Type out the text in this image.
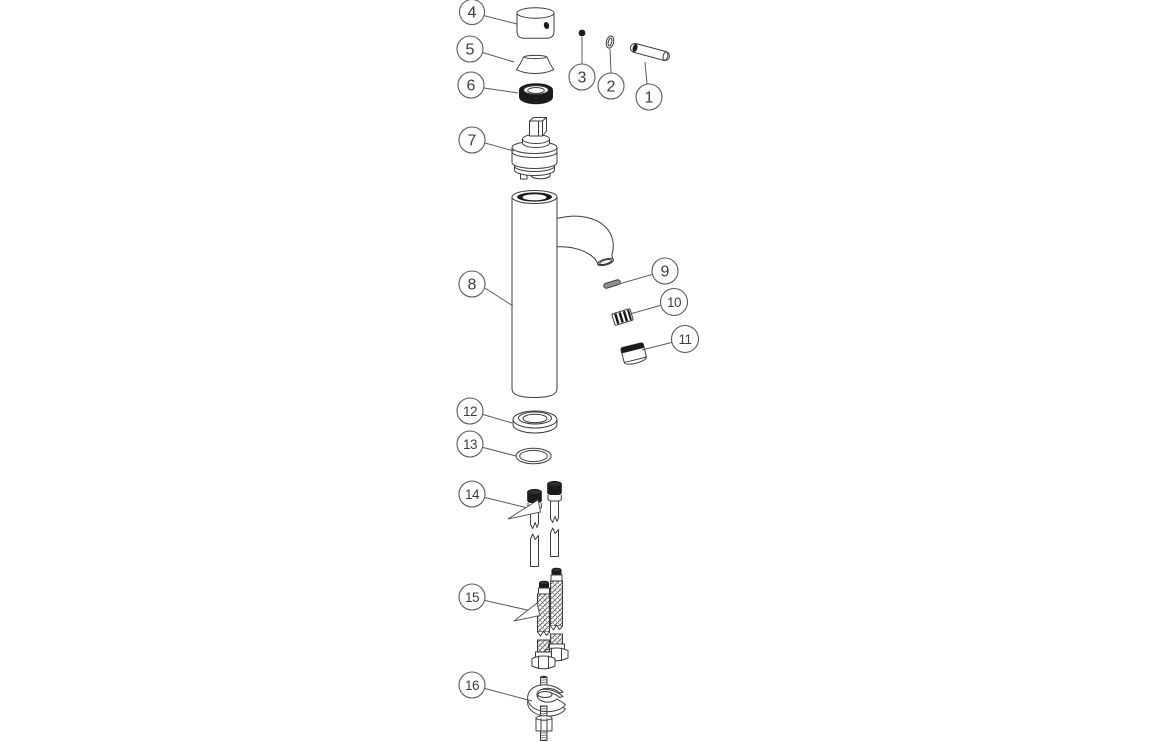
1
2
3
4
5
6
7
8
9
10
11
12
13
14
15
16
